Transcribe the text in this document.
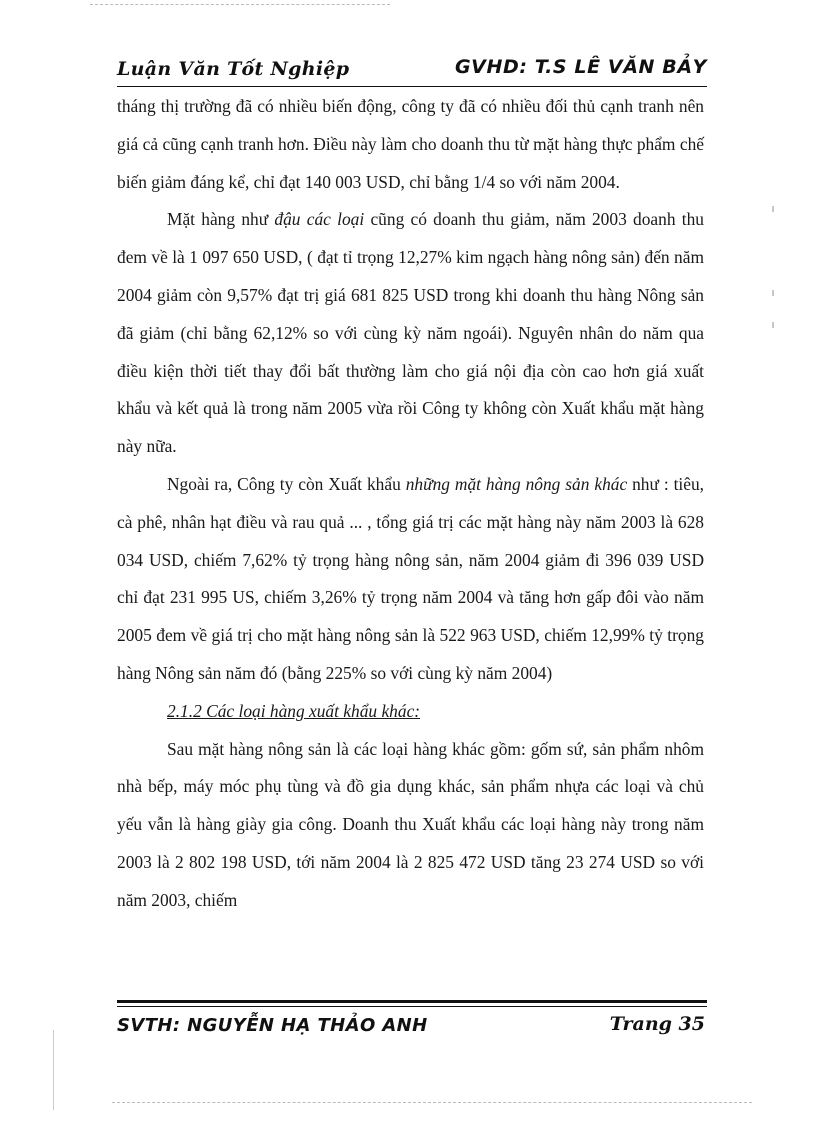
Luận Văn Tốt Nghiệp	GVHD: T.S LÊ VĂN BẢY

tháng thị trường đã có nhiều biến động, công ty đã có nhiều đối thủ cạnh tranh nên giá cả cũng cạnh tranh hơn. Điều này làm cho doanh thu từ mặt hàng thực phẩm chế biến giảm đáng kể, chỉ đạt 140 003 USD, chỉ bằng 1/4 so với năm 2004.

Mặt hàng như đậu các loại cũng có doanh thu giảm, năm 2003 doanh thu đem về là 1 097 650 USD, ( đạt tỉ trọng 12,27% kim ngạch hàng nông sản) đến năm 2004 giảm còn 9,57% đạt trị giá 681 825 USD trong khi doanh thu hàng Nông sản đã giảm (chỉ bằng 62,12% so với cùng kỳ năm ngoái). Nguyên nhân do năm qua điều kiện thời tiết thay đổi bất thường làm cho giá nội địa còn cao hơn giá xuất khẩu và kết quả là trong năm 2005 vừa rồi Công ty không còn Xuất khẩu mặt hàng này nữa.

Ngoài ra, Công ty còn Xuất khẩu những mặt hàng nông sản khác như : tiêu, cà phê, nhân hạt điều và rau quả ... , tổng giá trị các mặt hàng này năm 2003 là 628 034 USD, chiếm 7,62% tỷ trọng hàng nông sản, năm 2004 giảm đi 396 039 USD chỉ đạt 231 995 US, chiếm 3,26% tỷ trọng năm 2004 và tăng hơn gấp đôi vào năm 2005 đem về giá trị cho mặt hàng nông sản là 522 963 USD, chiếm 12,99% tỷ trọng hàng Nông sản năm đó (bằng 225% so với cùng kỳ năm 2004)

2.1.2 Các loại hàng xuất khẩu khác:

Sau mặt hàng nông sản là các loại hàng khác gồm: gốm sứ, sản phẩm nhôm nhà bếp, máy móc phụ tùng và đồ gia dụng khác, sản phẩm nhựa các loại và chủ yếu vẫn là hàng giày gia công. Doanh thu Xuất khẩu các loại hàng này trong năm 2003 là 2 802 198 USD, tới năm 2004 là 2 825 472 USD tăng 23 274 USD so với năm 2003, chiếm

SVTH: NGUYỄN HẠ THẢO ANH	Trang 35
